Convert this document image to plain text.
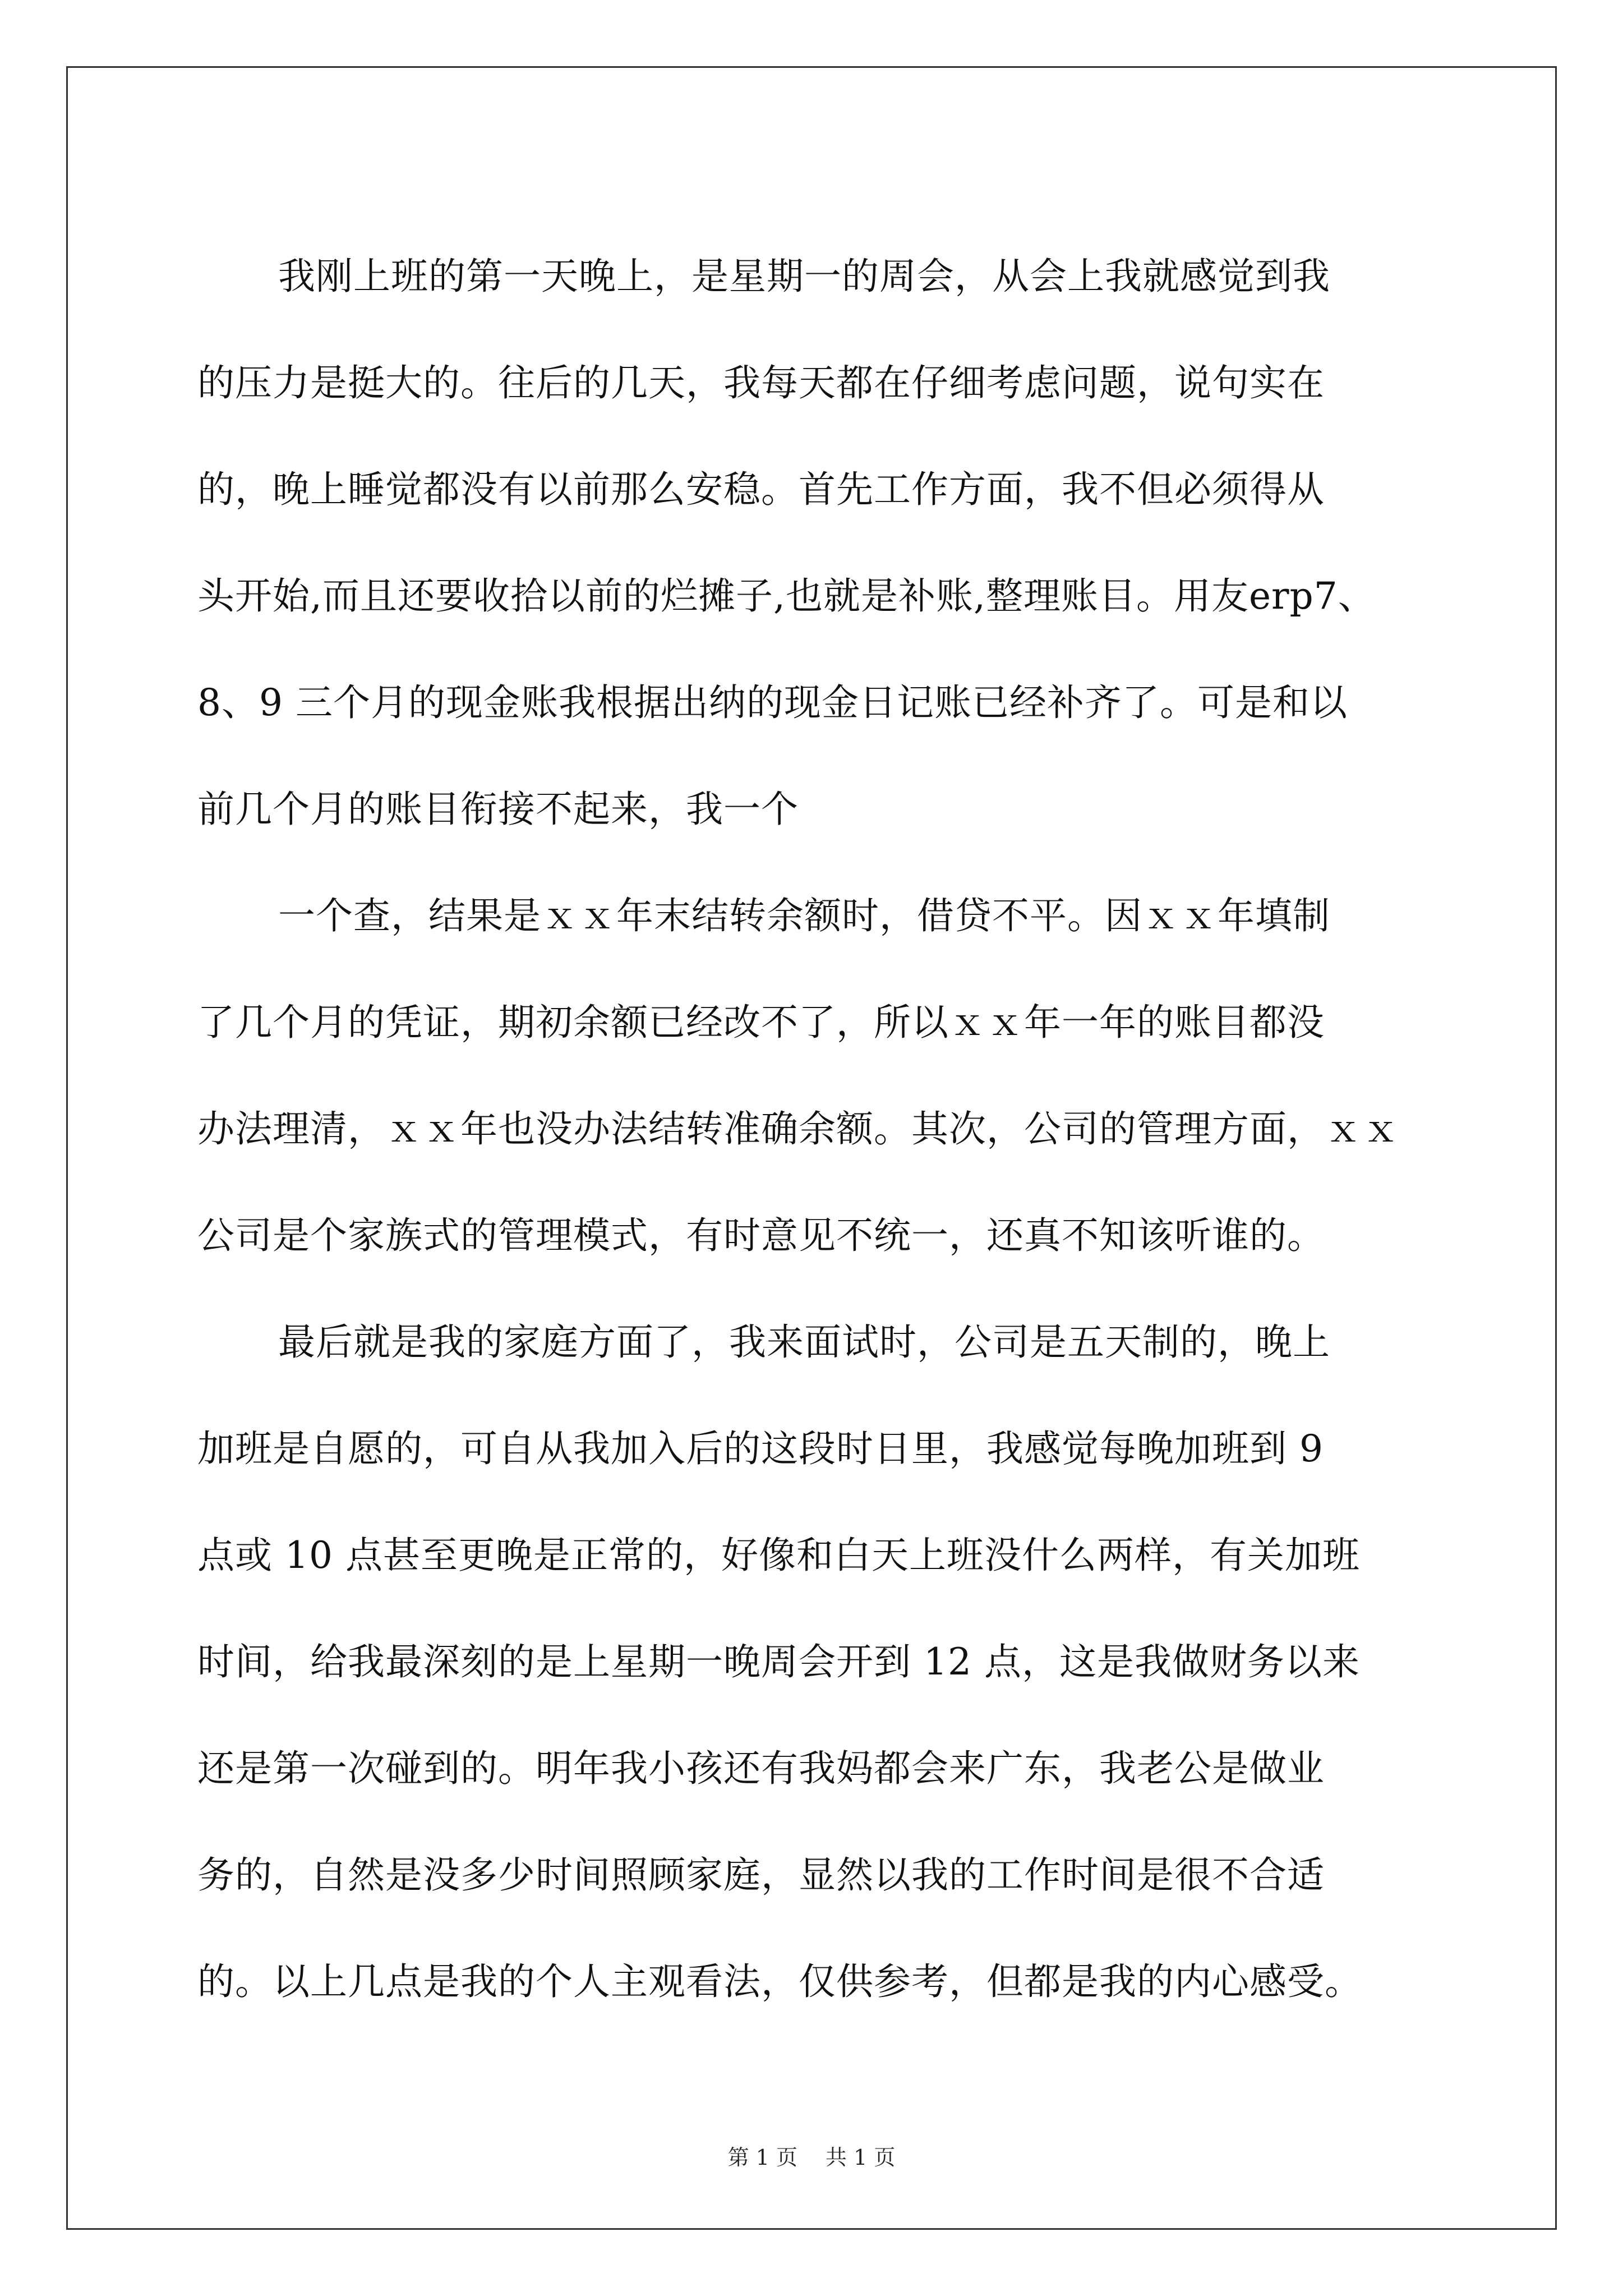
我刚上班的第一天晚上，是星期一的周会，从会上我就感觉到我
的压力是挺大的。往后的几天，我每天都在仔细考虑问题，说句实在
的，晚上睡觉都没有以前那么安稳。首先工作方面，我不但必须得从
头开始,而且还要收拾以前的烂摊子,也就是补账,整理账目。用友erp7、
8、9 三个月的现金账我根据出纳的现金日记账已经补齐了。可是和以
前几个月的账目衔接不起来，我一个
一个查，结果是ｘｘ年末结转余额时，借贷不平。因ｘｘ年填制
了几个月的凭证，期初余额已经改不了，所以ｘｘ年一年的账目都没
办法理清，ｘｘ年也没办法结转准确余额。其次，公司的管理方面，ｘｘ
公司是个家族式的管理模式，有时意见不统一，还真不知该听谁的。
最后就是我的家庭方面了，我来面试时，公司是五天制的，晚上
加班是自愿的，可自从我加入后的这段时日里，我感觉每晚加班到 9
点或 10 点甚至更晚是正常的，好像和白天上班没什么两样，有关加班
时间，给我最深刻的是上星期一晚周会开到 12 点，这是我做财务以来
还是第一次碰到的。明年我小孩还有我妈都会来广东，我老公是做业
务的，自然是没多少时间照顾家庭，显然以我的工作时间是很不合适
的。以上几点是我的个人主观看法，仅供参考，但都是我的内心感受。
第 1 页 共 1 页
